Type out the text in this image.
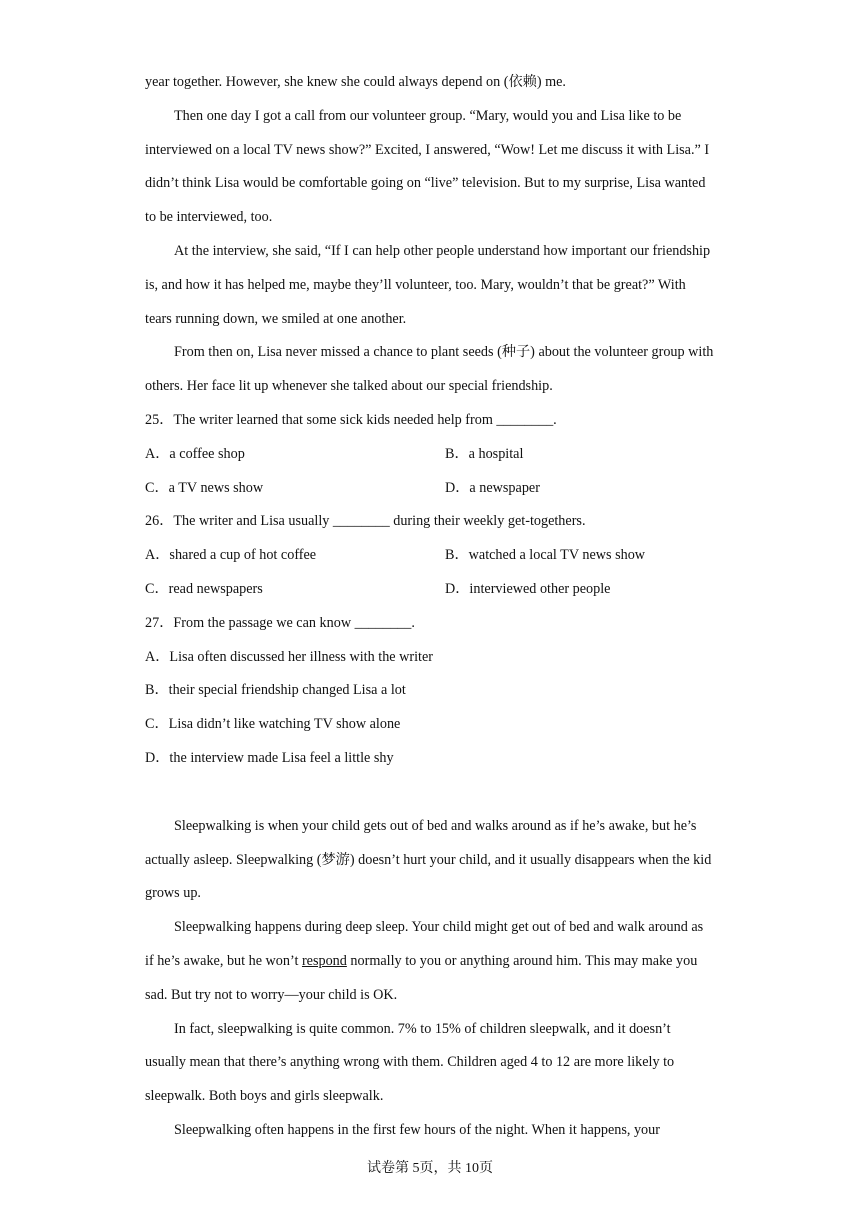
year together. However, she knew she could always depend on (依赖) me.

Then one day I got a call from our volunteer group. “Mary, would you and Lisa like to be interviewed on a local TV news show?” Excited, I answered, “Wow! Let me discuss it with Lisa.” I didn’t think Lisa would be comfortable going on “live” television. But to my surprise, Lisa wanted to be interviewed, too.

At the interview, she said, “If I can help other people understand how important our friendship is, and how it has helped me, maybe they’ll volunteer, too. Mary, wouldn’t that be great?” With tears running down, we smiled at one another.

From then on, Lisa never missed a chance to plant seeds (种子) about the volunteer group with others. Her face lit up whenever she talked about our special friendship.

25．The writer learned that some sick kids needed help from ________.

A．a coffee shop	B．a hospital
C．a TV news show	D．a newspaper

26．The writer and Lisa usually ________ during their weekly get-togethers.

A．shared a cup of hot coffee	B．watched a local TV news show
C．read newspapers	D．interviewed other people

27．From the passage we can know ________.

A．Lisa often discussed her illness with the writer

B．their special friendship changed Lisa a lot

C．Lisa didn’t like watching TV show alone

D．the interview made Lisa feel a little shy

Sleepwalking is when your child gets out of bed and walks around as if he’s awake, but he’s actually asleep. Sleepwalking (梦游) doesn’t hurt your child, and it usually disappears when the kid grows up.

Sleepwalking happens during deep sleep. Your child might get out of bed and walk around as if he’s awake, but he won’t respond normally to you or anything around him. This may make you sad. But try not to worry—your child is OK.

In fact, sleepwalking is quite common. 7% to 15% of children sleepwalk, and it doesn’t usually mean that there’s anything wrong with them. Children aged 4 to 12 are more likely to sleepwalk. Both boys and girls sleepwalk.

Sleepwalking often happens in the first few hours of the night. When it happens, your

试卷第 5页，共 10页
